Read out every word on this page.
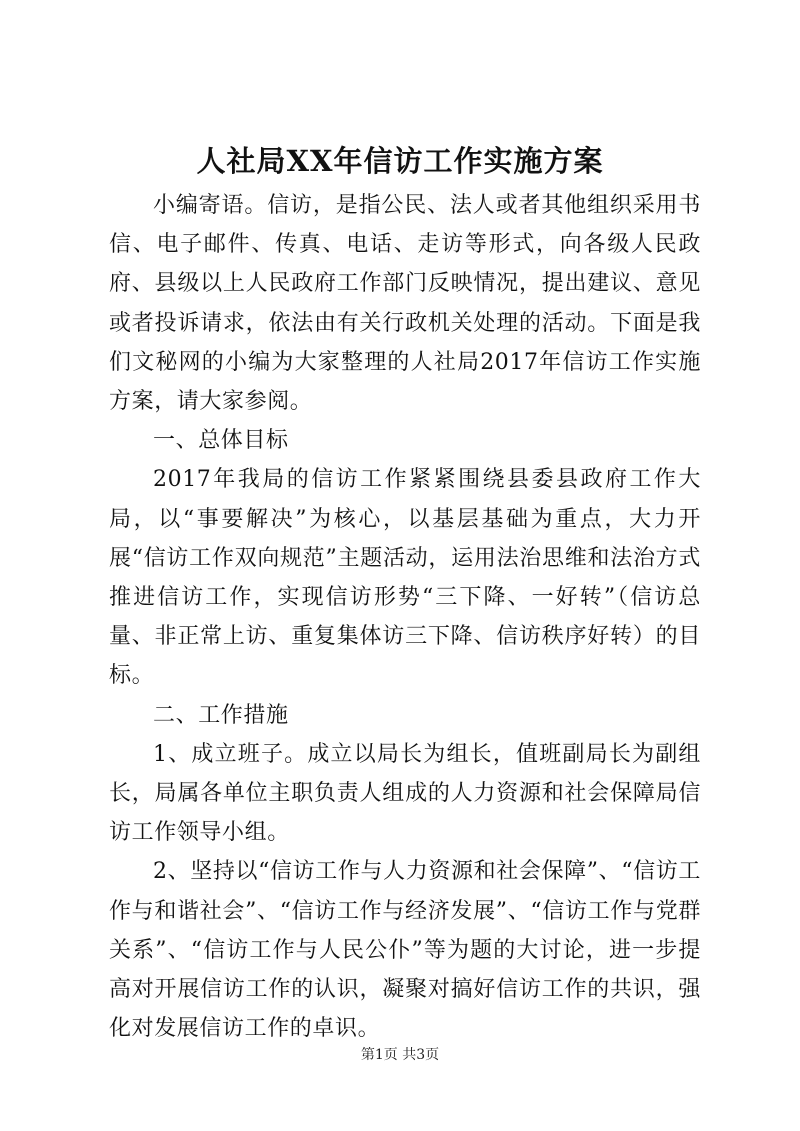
人社局XX年信访工作实施方案

小编寄语。信访，是指公民、法人或者其他组织采用书信、电子邮件、传真、电话、走访等形式，向各级人民政府、县级以上人民政府工作部门反映情况，提出建议、意见或者投诉请求，依法由有关行政机关处理的活动。下面是我们文秘网的小编为大家整理的人社局2017年信访工作实施方案，请大家参阅。

一、总体目标

2017年我局的信访工作紧紧围绕县委县政府工作大局，以“事要解决”为核心，以基层基础为重点，大力开展“信访工作双向规范”主题活动，运用法治思维和法治方式推进信访工作，实现信访形势“三下降、一好转”（信访总量、非正常上访、重复集体访三下降、信访秩序好转）的目标。

二、工作措施

1、成立班子。成立以局长为组长，值班副局长为副组长，局属各单位主职负责人组成的人力资源和社会保障局信访工作领导小组。

2、坚持以“信访工作与人力资源和社会保障”、“信访工作与和谐社会”、“信访工作与经济发展”、“信访工作与党群关系”、“信访工作与人民公仆”等为题的大讨论，进一步提高对开展信访工作的认识，凝聚对搞好信访工作的共识，强化对发展信访工作的卓识。

第1页 共3页
